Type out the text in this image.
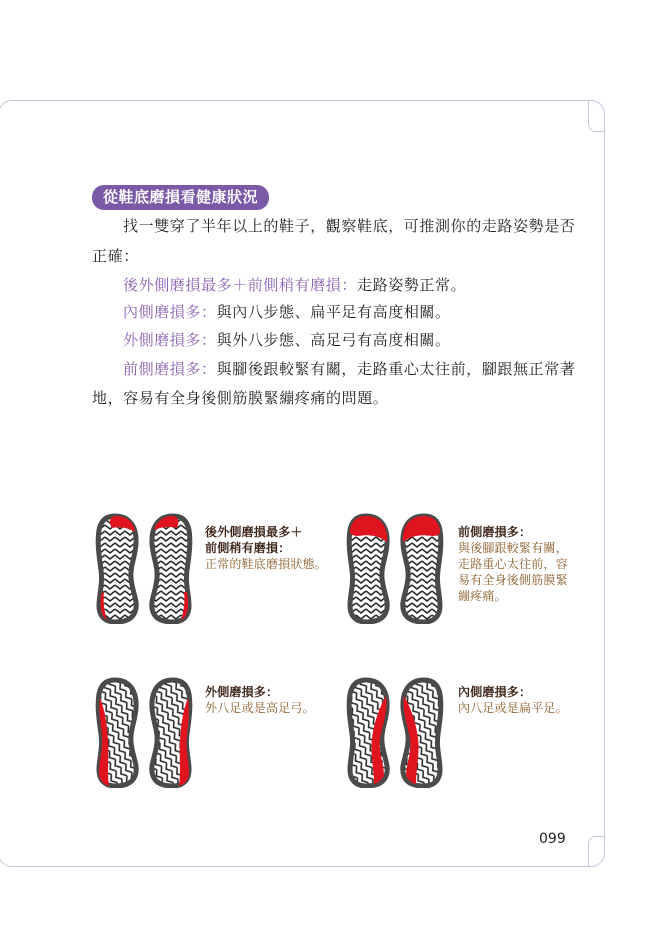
從鞋底磨損看健康狀況
找一雙穿了半年以上的鞋子，觀察鞋底，可推測你的走路姿勢是否
正確：
後外側磨損最多＋前側稍有磨損：走路姿勢正常。
內側磨損多：與內八步態、扁平足有高度相關。
外側磨損多：與外八步態、高足弓有高度相關。
前側磨損多：與腳後跟較緊有關，走路重心太往前，腳跟無正常著
地，容易有全身後側筋膜緊繃疼痛的問題。
後外側磨損最多＋
前側稍有磨損：
正常的鞋底磨損狀態。
前側磨損多：
與後腳跟較緊有關，
走路重心太往前，容
易有全身後側筋膜緊
繃疼痛。
外側磨損多：
外八足或是高足弓。
內側磨損多：
內八足或是扁平足。
099
